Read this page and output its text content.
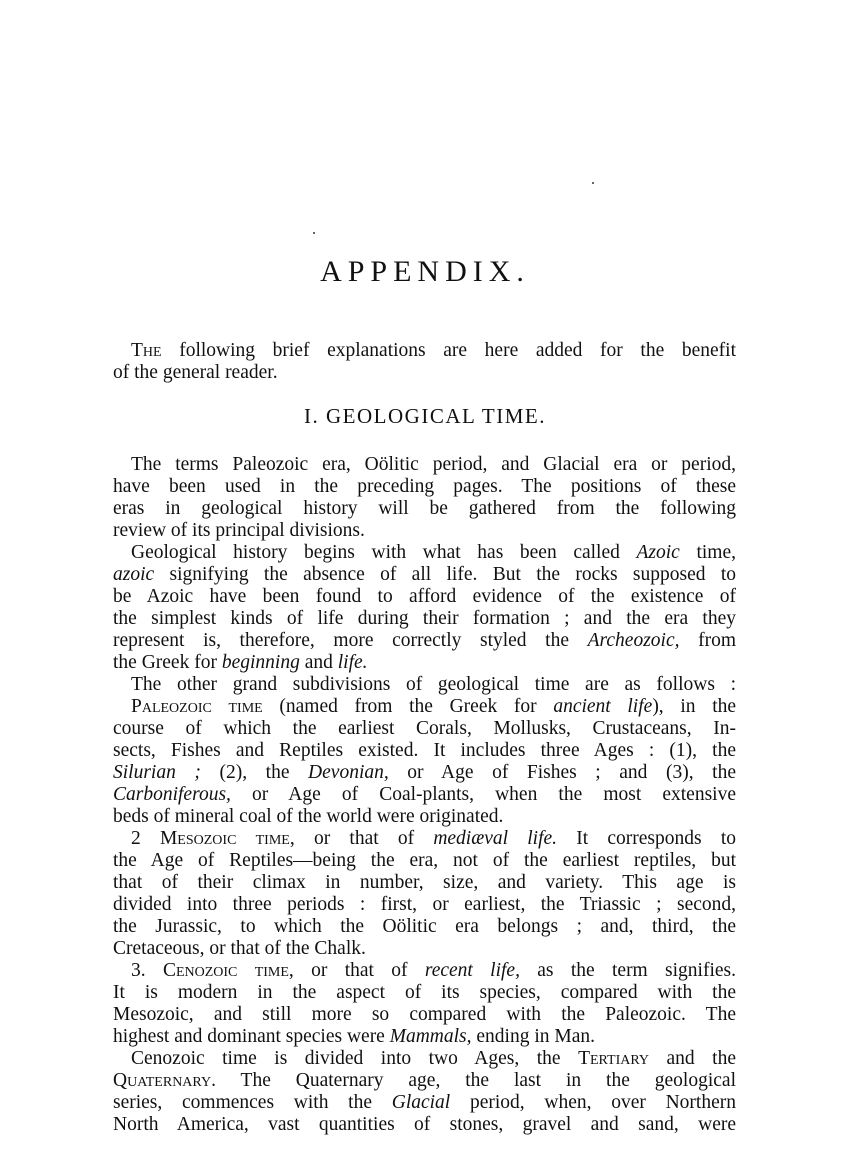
APPENDIX.
The following brief explanations are here added for the benefit
of the general reader.
I. GEOLOGICAL TIME.
The terms Paleozoic era, Oölitic period, and Glacial era or period,
have been used in the preceding pages. The positions of these
eras in geological history will be gathered from the following
review of its principal divisions.
Geological history begins with what has been called Azoic time,
azoic signifying the absence of all life. But the rocks supposed to
be Azoic have been found to afford evidence of the existence of
the simplest kinds of life during their formation ; and the era they
represent is, therefore, more correctly styled the Archeozoic, from
the Greek for beginning and life.
The other grand subdivisions of geological time are as follows :
Paleozoic time (named from the Greek for ancient life), in the
course of which the earliest Corals, Mollusks, Crustaceans, In-
sects, Fishes and Reptiles existed. It includes three Ages : (1), the
Silurian ; (2), the Devonian, or Age of Fishes ; and (3), the
Carboniferous, or Age of Coal-plants, when the most extensive
beds of mineral coal of the world were originated.
2 Mesozoic time, or that of mediæval life. It corresponds to
the Age of Reptiles—being the era, not of the earliest reptiles, but
that of their climax in number, size, and variety. This age is
divided into three periods : first, or earliest, the Triassic ; second,
the Jurassic, to which the Oölitic era belongs ; and, third, the
Cretaceous, or that of the Chalk.
3. Cenozoic time, or that of recent life, as the term signifies.
It is modern in the aspect of its species, compared with the
Mesozoic, and still more so compared with the Paleozoic. The
highest and dominant species were Mammals, ending in Man.
Cenozoic time is divided into two Ages, the Tertiary and the
Quaternary. The Quaternary age, the last in the geological
series, commences with the Glacial period, when, over Northern
North America, vast quantities of stones, gravel and sand, were
